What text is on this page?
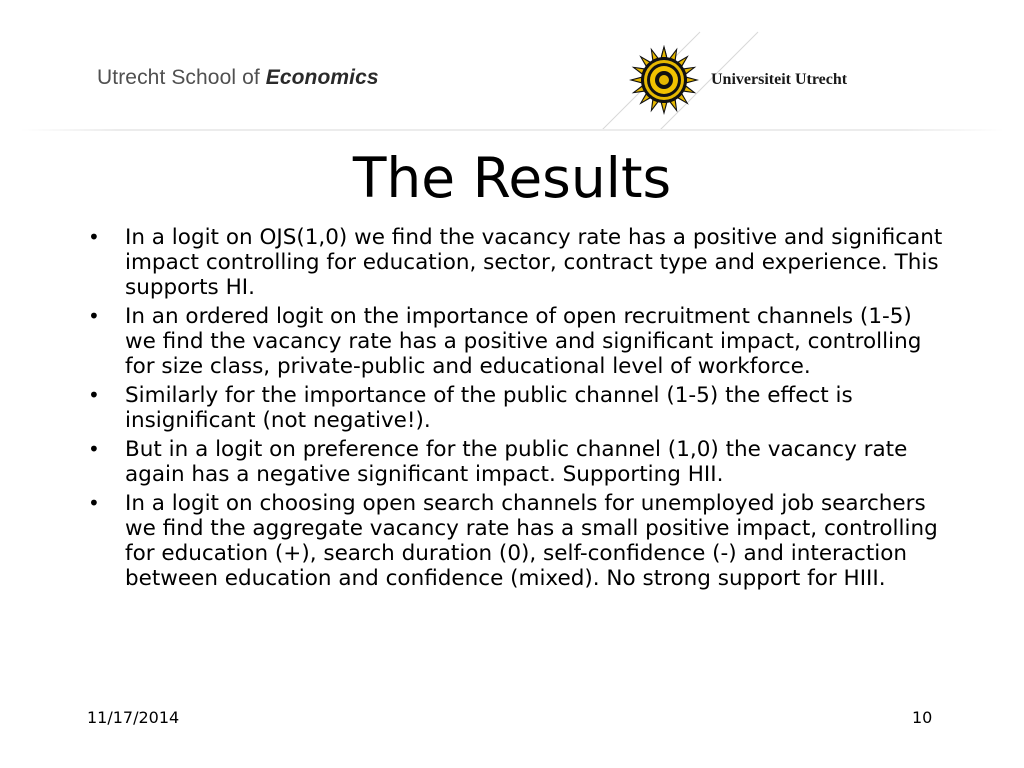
Utrecht School of Economics	Universiteit Utrecht
The Results
• In a logit on OJS(1,0) we find the vacancy rate has a positive and significant impact controlling for education, sector, contract type and experience. This supports HI.
• In an ordered logit on the importance of open recruitment channels (1-5) we find the vacancy rate has a positive and significant impact, controlling for size class, private-public and educational level of workforce.
• Similarly for the importance of the public channel (1-5) the effect is insignificant (not negative!).
• But in a logit on preference for the public channel (1,0) the vacancy rate again has a negative significant impact. Supporting HII.
• In a logit on choosing open search channels for unemployed job searchers we find the aggregate vacancy rate has a small positive impact, controlling for education (+), search duration (0), self-confidence (-) and interaction between education and confidence (mixed). No strong support for HIII.
11/17/2014	10
